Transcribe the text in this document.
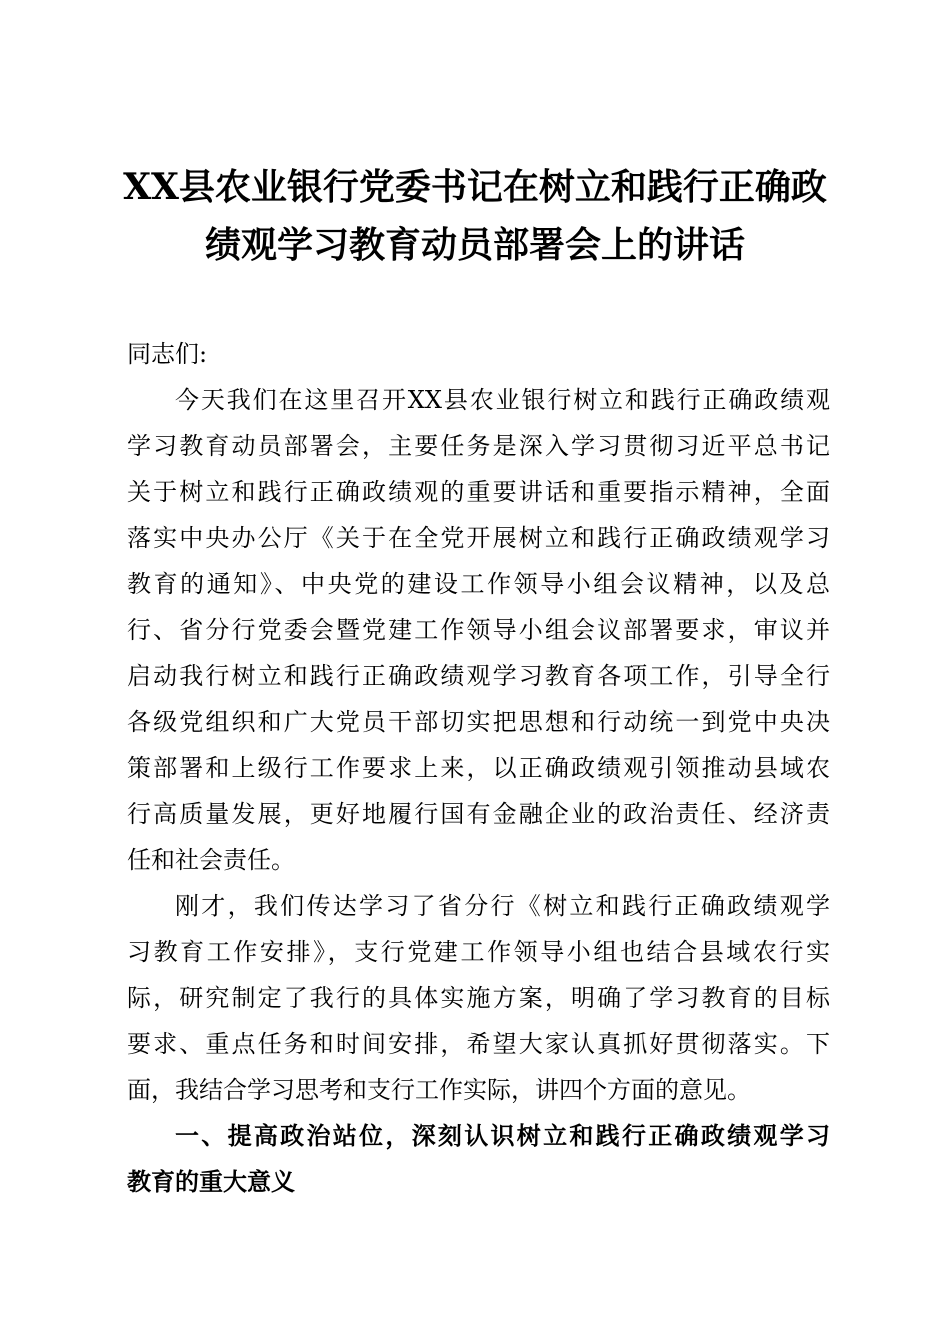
XX县农业银行党委书记在树立和践行正确政
绩观学习教育动员部署会上的讲话
同志们:
今天我们在这里召开XX县农业银行树立和践行正确政绩观
学习教育动员部署会，主要任务是深入学习贯彻习近平总书记
关于树立和践行正确政绩观的重要讲话和重要指示精神，全面
落实中央办公厅《关于在全党开展树立和践行正确政绩观学习
教育的通知》、中央党的建设工作领导小组会议精神，以及总
行、省分行党委会暨党建工作领导小组会议部署要求，审议并
启动我行树立和践行正确政绩观学习教育各项工作，引导全行
各级党组织和广大党员干部切实把思想和行动统一到党中央决
策部署和上级行工作要求上来，以正确政绩观引领推动县域农
行高质量发展，更好地履行国有金融企业的政治责任、经济责
任和社会责任。
刚才，我们传达学习了省分行《树立和践行正确政绩观学
习教育工作安排》，支行党建工作领导小组也结合县域农行实
际，研究制定了我行的具体实施方案，明确了学习教育的目标
要求、重点任务和时间安排，希望大家认真抓好贯彻落实。下
面，我结合学习思考和支行工作实际，讲四个方面的意见。
一、提高政治站位，深刻认识树立和践行正确政绩观学习
教育的重大意义
